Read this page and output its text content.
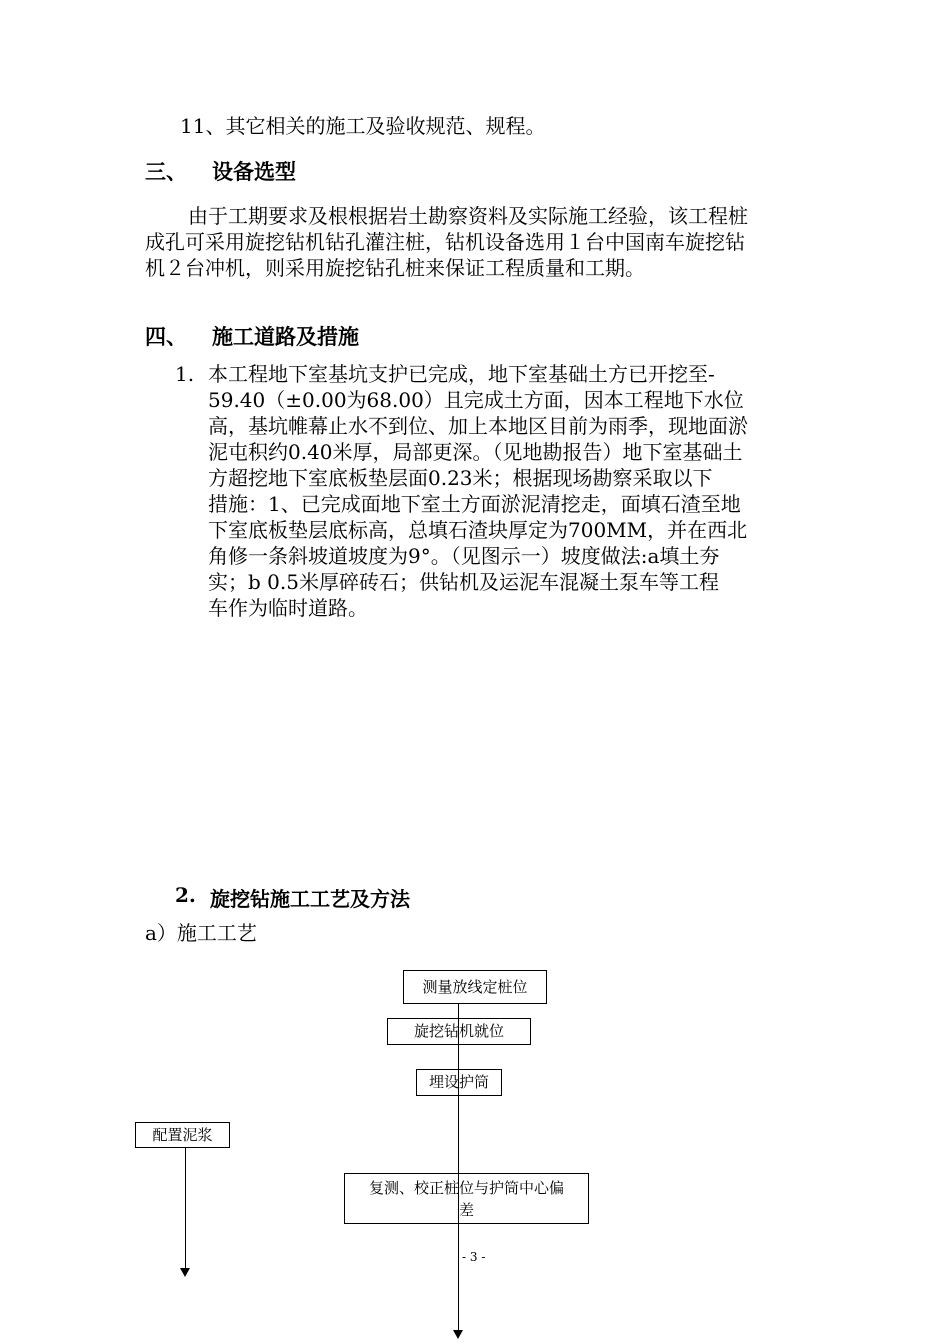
11、其它相关的施工及验收规范、规程。
三、 设备选型
由于工期要求及根根据岩土勘察资料及实际施工经验，该工程桩
成孔可采用旋挖钻机钻孔灌注桩，钻机设备选用１台中国南车旋挖钻
机２台冲机，则采用旋挖钻孔桩来保证工程质量和工期。
四、 施工道路及措施
1. 本工程地下室基坑支护已完成，地下室基础土方已开挖至-
59.40（±0.00为68.00）且完成土方面，因本工程地下水位
高，基坑帷幕止水不到位、加上本地区目前为雨季，现地面淤
泥屯积约0.40米厚，局部更深。（见地勘报告）地下室基础土
方超挖地下室底板垫层面0.23米；根据现场勘察采取以下
措施：1、已完成面地下室土方面淤泥清挖走，面填石渣至地
下室底板垫层底标高，总填石渣块厚定为700MM，并在西北
角修一条斜坡道坡度为9°。（见图示一）坡度做法:a填土夯
实；b 0.5米厚碎砖石；供钻机及运泥车混凝土泵车等工程
车作为临时道路。
2. 旋挖钻施工工艺及方法
a）施工工艺
测量放线定桩位
旋挖钻机就位
埋设护筒
配置泥浆
复测、校正桩位与护筒中心偏
差
- 3 -
